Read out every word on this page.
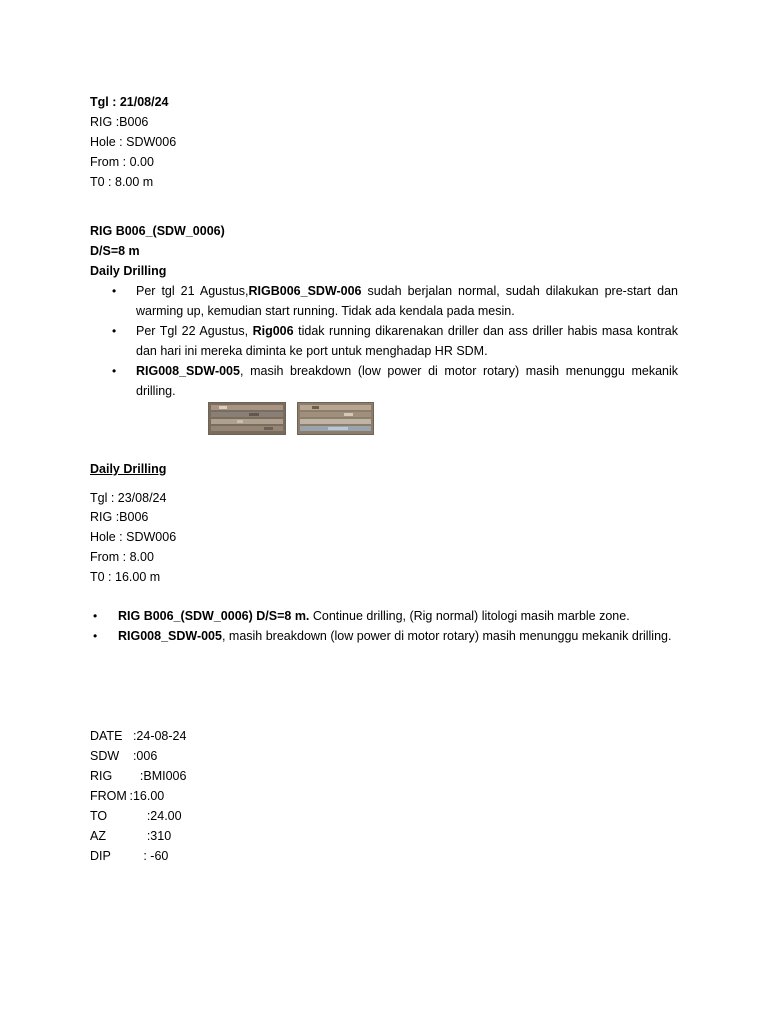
Tgl : 21/08/24
RIG :B006
Hole : SDW006
From : 0.00
T0 : 8.00 m
RIG B006_(SDW_0006)
D/S=8 m
Daily Drilling
• Per tgl 21 Agustus,RIGB006_SDW-006 sudah berjalan normal, sudah dilakukan pre-start dan warming up, kemudian start running. Tidak ada kendala pada mesin.
• Per Tgl 22 Agustus, Rig006 tidak running dikarenakan driller dan ass driller habis masa kontrak dan hari ini mereka diminta ke port untuk menghadap HR SDM.
• RIG008_SDW-005, masih breakdown (low power di motor rotary) masih menunggu mekanik drilling.
Daily Drilling
Tgl : 23/08/24
RIG :B006
Hole : SDW006
From : 8.00
T0 : 16.00 m
• RIG B006_(SDW_0006) D/S=8 m. Continue drilling, (Rig normal) litologi masih marble zone.
• RIG008_SDW-005, masih breakdown (low power di motor rotary) masih menunggu mekanik drilling.
DATE  :24-08-24
SDW  :006
RIG    :BMI006
FROM :16.00
TO      :24.00
AZ      :310
DIP     : -60
